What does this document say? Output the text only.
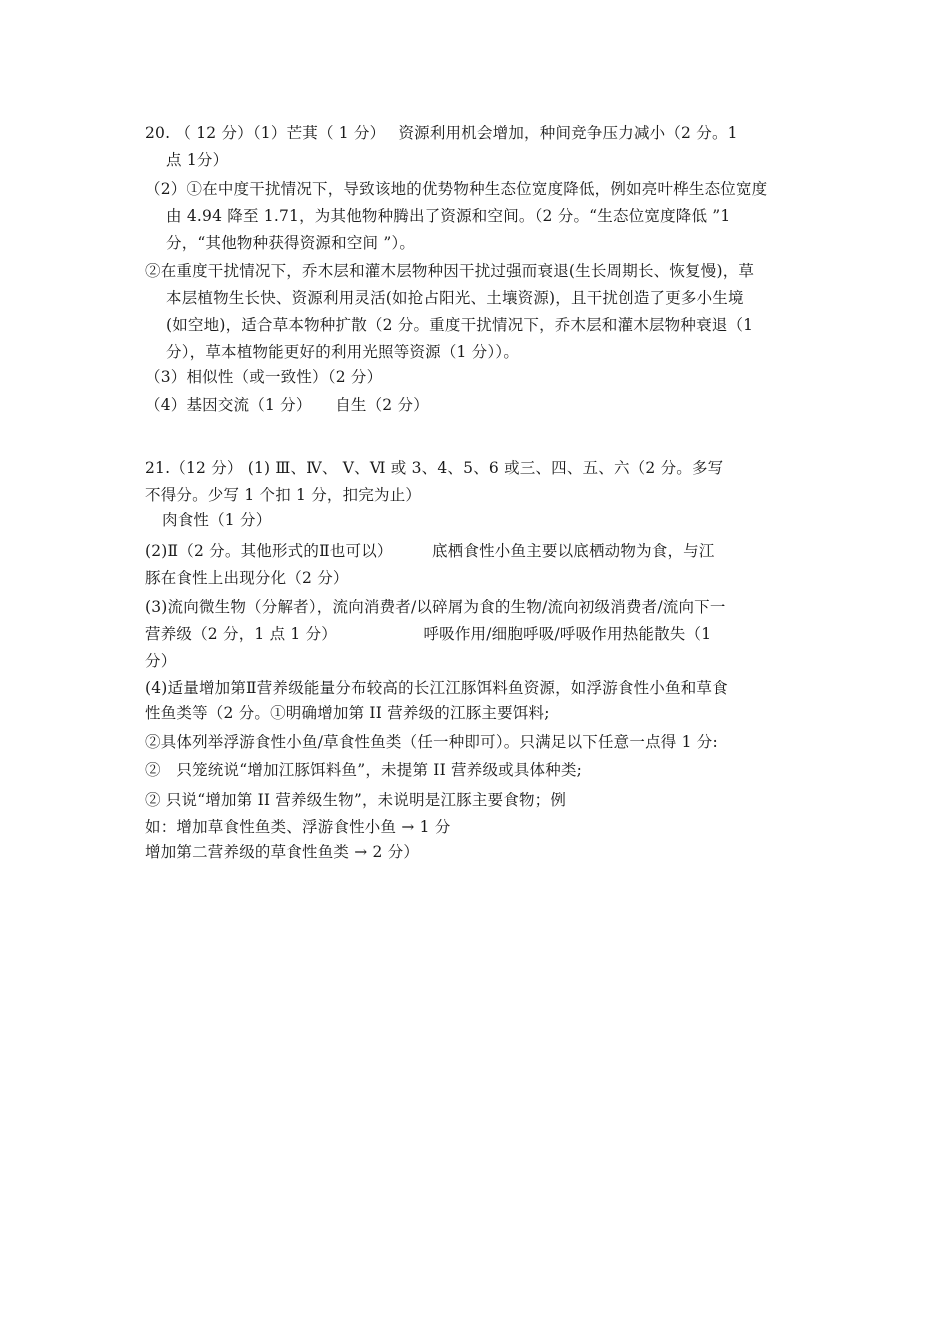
20. （ 12 分）（1）芒萁（ 1 分）　 资源利用机会增加，种间竞争压力减小（2 分。1
点 1分）
（2）①在中度干扰情况下，导致该地的优势物种生态位宽度降低，例如亮叶桦生态位宽度
由 4.94 降至 1.71，为其他物种腾出了资源和空间。（2 分。“生态位宽度降低 ”1
分，“其他物种获得资源和空间 ”）。
②在重度干扰情况下，乔木层和灌木层物种因干扰过强而衰退(生长周期长、恢复慢)，草
本层植物生长快、资源利用灵活(如抢占阳光、土壤资源)，且干扰创造了更多小生境
(如空地)，适合草本物种扩散（2 分。重度干扰情况下，乔木层和灌木层物种衰退（1
分），草本植物能更好的利用光照等资源（1 分））。
（3）相似性（或一致性）（2 分）
（4）基因交流（1 分）　　自生（2 分）
21.（12 分） (1) Ⅲ、Ⅳ、 Ⅴ、Ⅵ 或 3、4、5、6 或三、四、五、六（2 分。多写
不得分。少写 1 个扣 1 分，扣完为止）
肉食性（1 分）
(2)Ⅱ（2 分。其他形式的Ⅱ也可以）　　　底栖食性小鱼主要以底栖动物为食，与江
豚在食性上出现分化（2 分）
(3)流向微生物（分解者），流向消费者/以碎屑为食的生物/流向初级消费者/流向下一
营养级（2 分，1 点 1 分）　　　　　　呼吸作用/细胞呼吸/呼吸作用热能散失（1
分）
(4)适量增加第Ⅱ营养级能量分布较高的长江江豚饵料鱼资源，如浮游食性小鱼和草食
性鱼类等（2 分。①明确增加第 II 营养级的江豚主要饵料;
②具体列举浮游食性小鱼/草食性鱼类（任一种即可）。只满足以下任意一点得 1 分:
②　只笼统说“增加江豚饵料鱼”，未提第 II 营养级或具体种类;
② 只说“增加第 II 营养级生物”，未说明是江豚主要食物；例
如：增加草食性鱼类、浮游食性小鱼 → 1 分
增加第二营养级的草食性鱼类 → 2 分）
